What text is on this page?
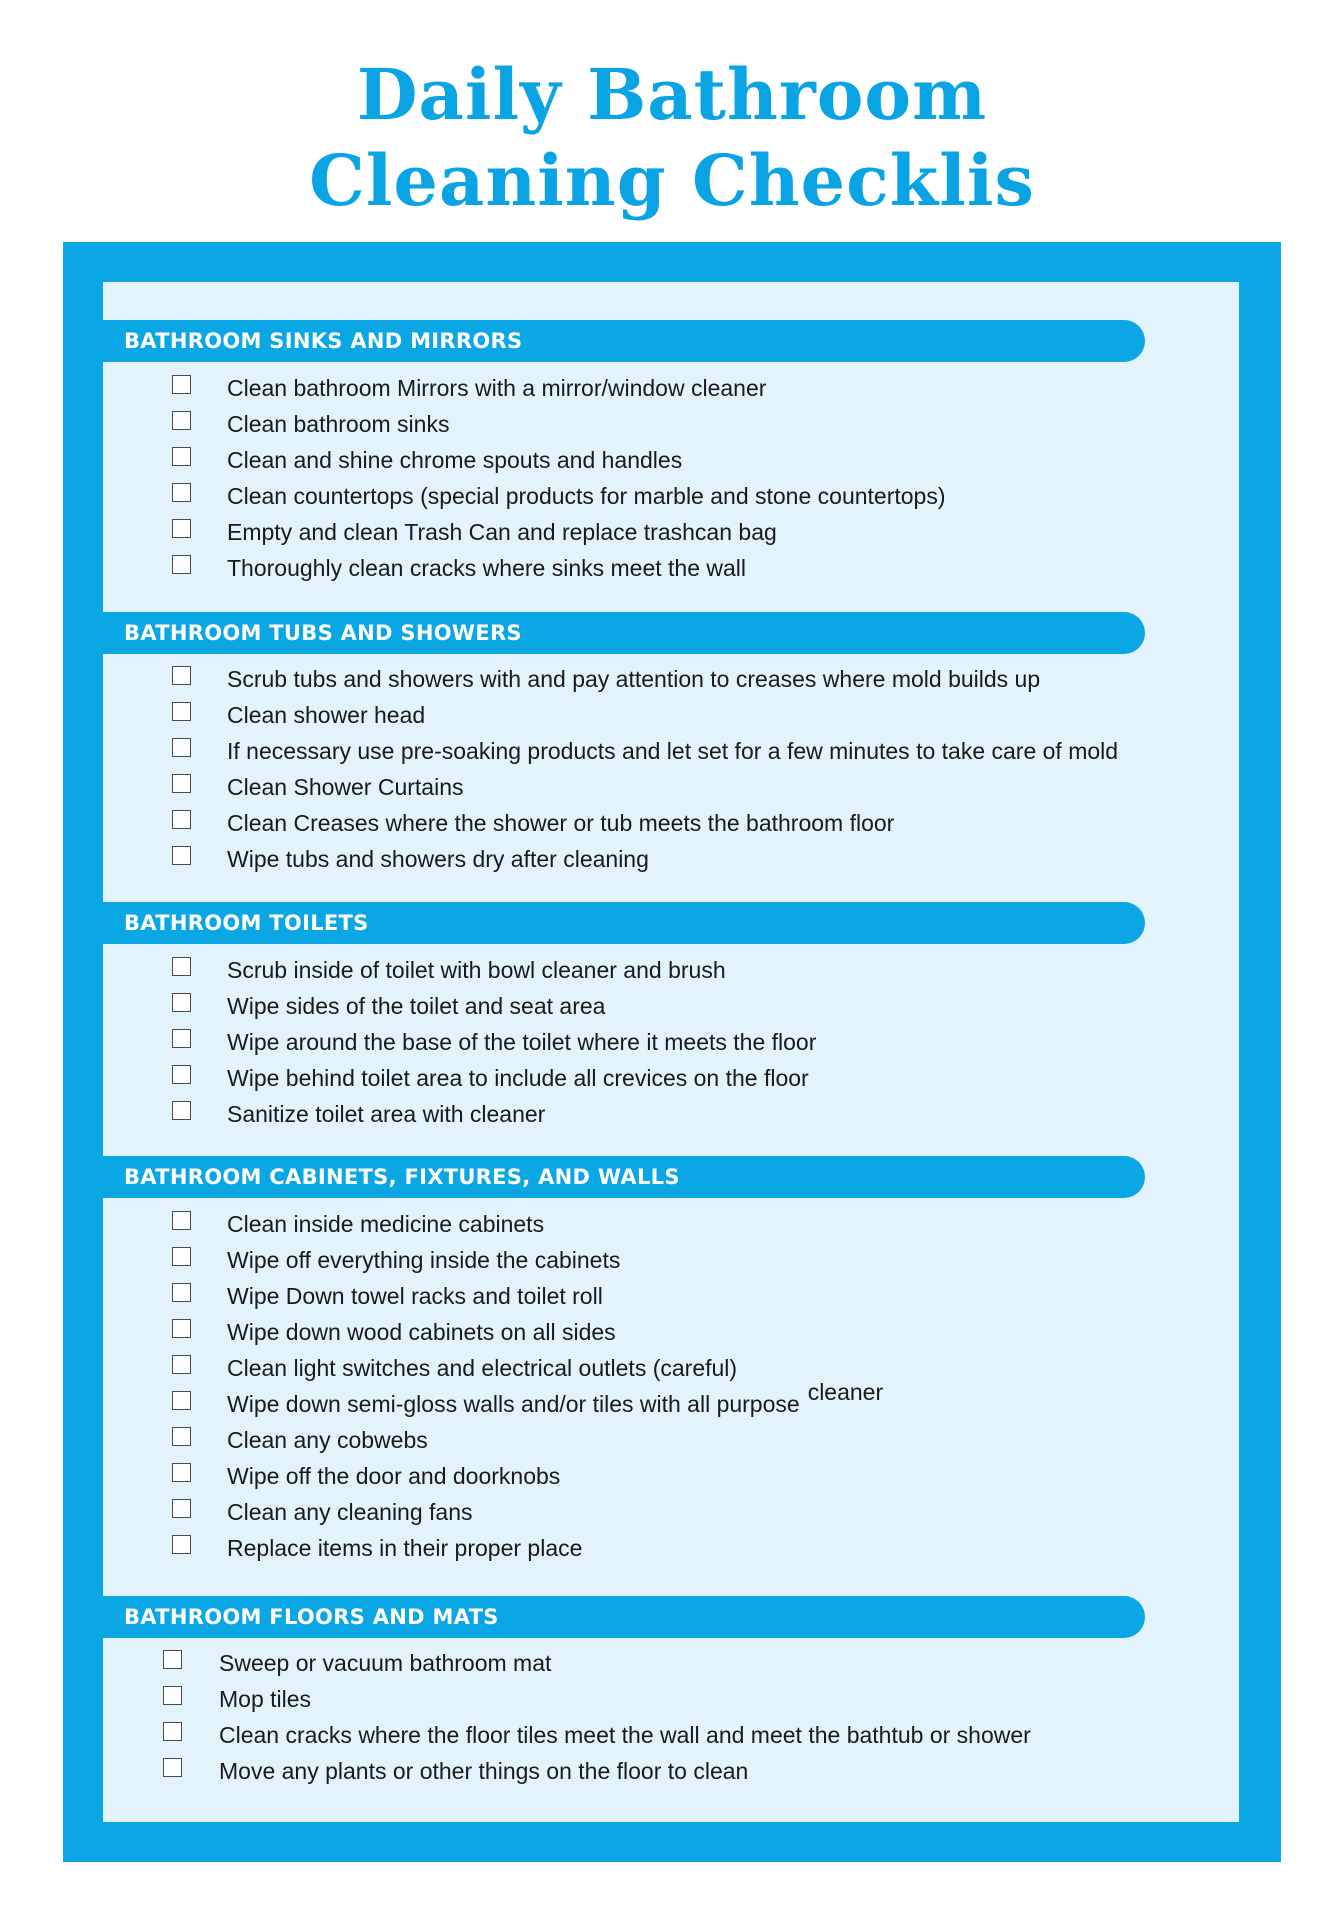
Daily Bathroom
Cleaning Checklis
BATHROOM SINKS AND MIRRORS
Clean bathroom Mirrors with a mirror/window cleaner
Clean bathroom sinks
Clean and shine chrome spouts and handles
Clean countertops (special products for marble and stone countertops)
Empty and clean Trash Can and replace trashcan bag
Thoroughly clean cracks where sinks meet the wall
BATHROOM TUBS AND SHOWERS
Scrub tubs and showers with and pay attention to creases where mold builds up
Clean shower head
If necessary use pre-soaking products and let set for a few minutes to take care of mold
Clean Shower Curtains
Clean Creases where the shower or tub meets the bathroom floor
Wipe tubs and showers dry after cleaning
BATHROOM TOILETS
Scrub inside of toilet with bowl cleaner and brush
Wipe sides of the toilet and seat area
Wipe around the base of the toilet where it meets the floor
Wipe behind toilet area to include all crevices on the floor
Sanitize toilet area with cleaner
BATHROOM CABINETS, FIXTURES, AND WALLS
Clean inside medicine cabinets
Wipe off everything inside the cabinets
Wipe Down towel racks and toilet roll
Wipe down wood cabinets on all sides
Clean light switches and electrical outlets (careful)
Wipe down semi-gloss walls and/or tiles with all purpose cleaner
Clean any cobwebs
Wipe off the door and doorknobs
Clean any cleaning fans
Replace items in their proper place
BATHROOM FLOORS AND MATS
Sweep or vacuum bathroom mat
Mop tiles
Clean cracks where the floor tiles meet the wall and meet the bathtub or shower
Move any plants or other things on the floor to clean
